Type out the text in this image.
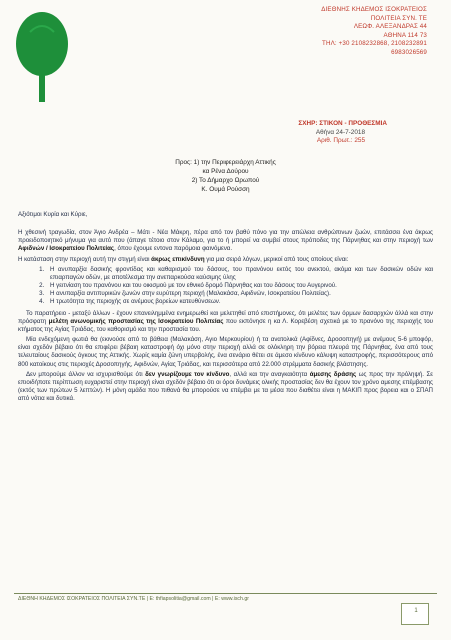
ΔΙΕΘΝΗΣ ΚΗΔΕΜΟΣ ΙΣΟΚΡΑΤΕΙΟΣ
ΠΟΛΙΤΕΙΑ ΣΥΝ. ΤΕ
ΛΕΩΦ. ΑΛΕΞΑΝΔΡΑΣ 44
ΑΘΗΝΑ 114 73
ΤΗΛ: +30 2108232868, 2108232891
6983026569
ΣΧΗΡ: ΣΤΙΚΟΝ - ΠΡΟΘΕΣΜΙΑ
Αθήνα 24-7-2018
Αριθ. Πρωτ.: 255
Προς: 1) την Περιφερειάρχη Αττικής
κα Ρένα Δούρου
2) Το Δήμαρχο Ωρωπού
Κ. Ουμά Ρούσση

Αξιότιμοι Κυρία και Κύριε,

Η χθεσινή τραγωδία, στον Άγιο Ανδρέα – Μάτι - Νέα Μάκρη, πέρα από τον βαθύ πόνο για την απώλεια ανθρώπινων ζωών, επιτάσσει ένα άκρως προειδοποιητικό μήνυμα για αυτό που (άπαγε τέτοιο στον Κάλαμο, για το ή μπορεί να συμβεί στους πρόποδες της Πάρνηθας και στην περιοχή των Αφιδνών / Ισοκρατείου Πολιτείας, όπου έχουμε εντονα παρόμοια φαινόμενα.

Η κατάσταση στην περιοχή αυτή την στιγμή είναι άκρως επικίνδυνη για μια σειρά λόγων, μερικοί από τους οποίους είναι:

1. Η ανυπαρξία δασικής φροντίδας και καθαρισμού του δάσους, του πρανόνου εκτός του ανεκτού, ακόμα και των δασικών οδών και επιαρπαγών οδών, με αποτέλεσμα την ανεπαρκούσα καύσιμης ύλης
2. Η γειτνίαση του πρανόνου και του οικισμού με τον εθνικό δρομό Πάρνηθας και του δάσους του Αυγερινού.
3. Η ανυπαρξία αντιπυρικών ζωνών στην ευρύτερη περιοχή (Μαλακάσα, Αφιδνών, Ισοκρατείου Πολιτείας).
4. Η τρωτότητα της περιοχής σε ανέμους βορείων κατευθύνσεων.

Το παρατήρειο - μεταξύ άλλων - έχουν επανειλημμένα ενημερωθεί και μελετηθεί από επιστήμονες, ότι μελέτες των όρμων δασαρχιών άλλά και στην πρόσφατη μελέτη ανωνομικής προστασίας της Ισοκρατείου Πολιτείας που εκπόνησε η κα Λ. Κορεβέση σχετικά με το πρανόνο της περιοχής του κτήματος της Αγίας Τριάδας, του καθορισμό και την προστασία του.

Μία ενδεχόμενη φωτιά θα (εκινούσε από το βάθεια (Μαλακάση, Αγιο Μερκουρίου) ή τα ανατολικά (Αφίδνες, Δροσοπηγή) με ανέμους 5-6 μποφόρ, είναι σχεδόν βέβαιο ότι θα επιφέρει βέβαιη καταστροφή όχι μόνο στην περιοχή αλλά σε ολόκληρη την βόρεια πλευρά της Πάρνηθας, ένα από τους τελευταίους δασικούς όγκους της Αττικής. Χωρίς καμία ζώνη υπερβολής, ένα σενάριο θέτει σε άμεσο κίνδυνο κάλυψη καταστροφής, περισσότερους από 800 κατοίκους στις περιοχές Δροσοπηγής, Αφιδνών, Αγίας Τριάδας, και περισσότερα από 22.000 στρέμματα δασικής βλάστησης.

Δεν μπορούμε άλλον να ισχυρισθούμε ότι δεν γνωρίζουμε τον κίνδυνο, αλλά και την αναγκαιότητα άμεσης δράσης ως προς την πρόληψή. Σε επιοιδήποτε περίπτωση ευχαριστεί στην περιοχή είναι σχεδόν βέβαιο ότι οι όροι δυνάμεις ολικής προστασίας δεν θα έχουν τον χρόνο αμεσης επέμβασης (εκτός των πρώτων 5 λεπτών). Η μόνη αμάδα που πιθανά θα μπορούσε να επέμβει με τα μέσα που διαθέτει είναι η ΜΑΚΙΠ προς βορεια και ο ΣΠΑΠ από νότια και δυτικά.

ΔΙΕΘΝΗ ΚΗΔΕΜΟΣ ΙΣΟΚΡΑΤΕΙΟΣ ΠΟΛΙΤΕΙΑ ΣΥΝ.ΤΕ | E: thfiapsolitia@gmail.com | E: www.isch.gr
1
